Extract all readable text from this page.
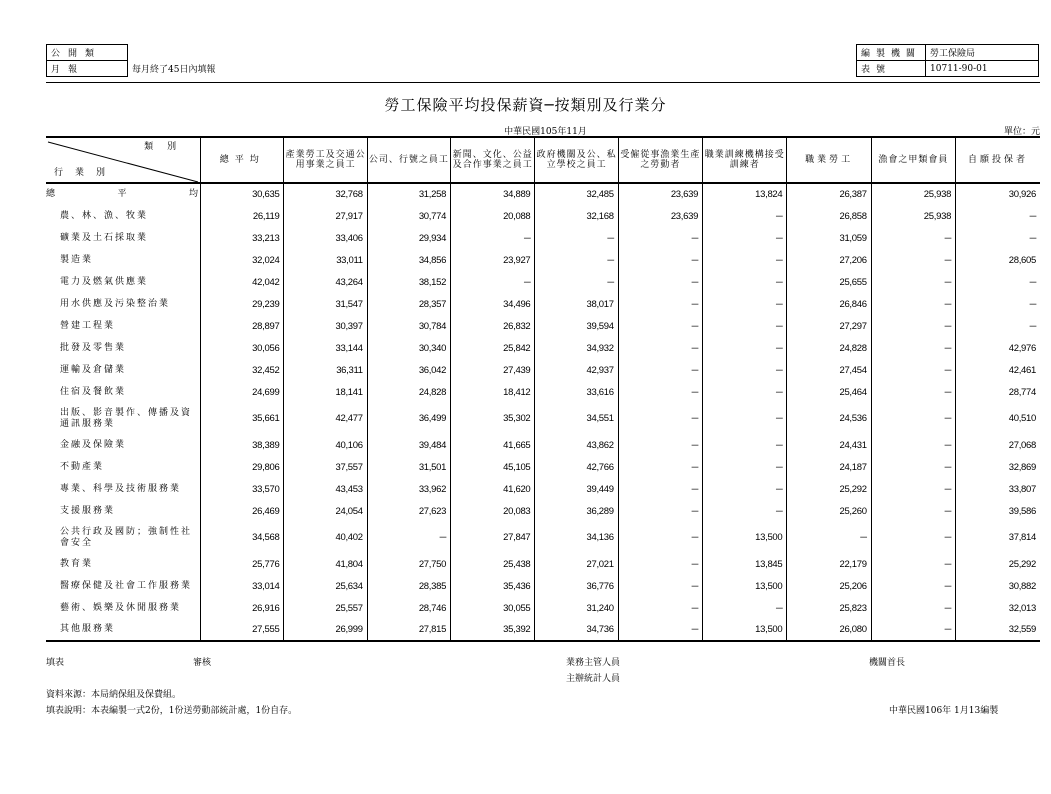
公開類	
月報	每月終了45日內填報
編製機關	勞工保險局
表號	10711-90-01
勞工保險平均投保薪資─按類別及行業分
中華民國105年11月	單位：元
類別
行業別	總平均	產業勞工及交通公用事業之員工	公司、行號之員工	新聞、文化、公益及合作事業之員工	政府機關及公、私立學校之員工	受僱從事漁業生產之勞動者	職業訓練機構接受訓練者	職業勞工	漁會之甲類會員	自願投保者

總 平 均	30,635	32,768	31,258	34,889	32,485	23,639	13,824	26,387	25,938	30,926
農、林、漁、牧業	26,119	27,917	30,774	20,088	32,168	23,639	─	26,858	25,938	─
礦業及土石採取業	33,213	33,406	29,934	─	─	─	─	31,059	─	─
製造業	32,024	33,011	34,856	23,927	─	─	─	27,206	─	28,605
電力及燃氣供應業	42,042	43,264	38,152	─	─	─	─	25,655	─	─
用水供應及污染整治業	29,239	31,547	28,357	34,496	38,017	─	─	26,846	─	─
營建工程業	28,897	30,397	30,784	26,832	39,594	─	─	27,297	─	─
批發及零售業	30,056	33,144	30,340	25,842	34,932	─	─	24,828	─	42,976
運輸及倉儲業	32,452	36,311	36,042	27,439	42,937	─	─	27,454	─	42,461
住宿及餐飲業	24,699	18,141	24,828	18,412	33,616	─	─	25,464	─	28,774
出版、影音製作、傳播及資通訊服務業	35,661	42,477	36,499	35,302	34,551	─	─	24,536	─	40,510
金融及保險業	38,389	40,106	39,484	41,665	43,862	─	─	24,431	─	27,068
不動產業	29,806	37,557	31,501	45,105	42,766	─	─	24,187	─	32,869
專業、科學及技術服務業	33,570	43,453	33,962	41,620	39,449	─	─	25,292	─	33,807
支援服務業	26,469	24,054	27,623	20,083	36,289	─	─	25,260	─	39,586
公共行政及國防；強制性社會安全	34,568	40,402	─	27,847	34,136	─	13,500	─	─	37,814
教育業	25,776	41,804	27,750	25,438	27,021	─	13,845	22,179	─	25,292
醫療保健及社會工作服務業	33,014	25,634	28,385	35,436	36,776	─	13,500	25,206	─	30,882
藝術、娛樂及休閒服務業	26,916	25,557	28,746	30,055	31,240	─	─	25,823	─	32,013
其他服務業	27,555	26,999	27,815	35,392	34,736	─	13,500	26,080	─	32,559
填表	審核	業務主管人員
主辦統計人員
機關首長
資料來源：本局納保組及保費組。
填表說明：本表編製一式2份，1份送勞動部統計處，1份自存。	中華民國106年 1月13編製
